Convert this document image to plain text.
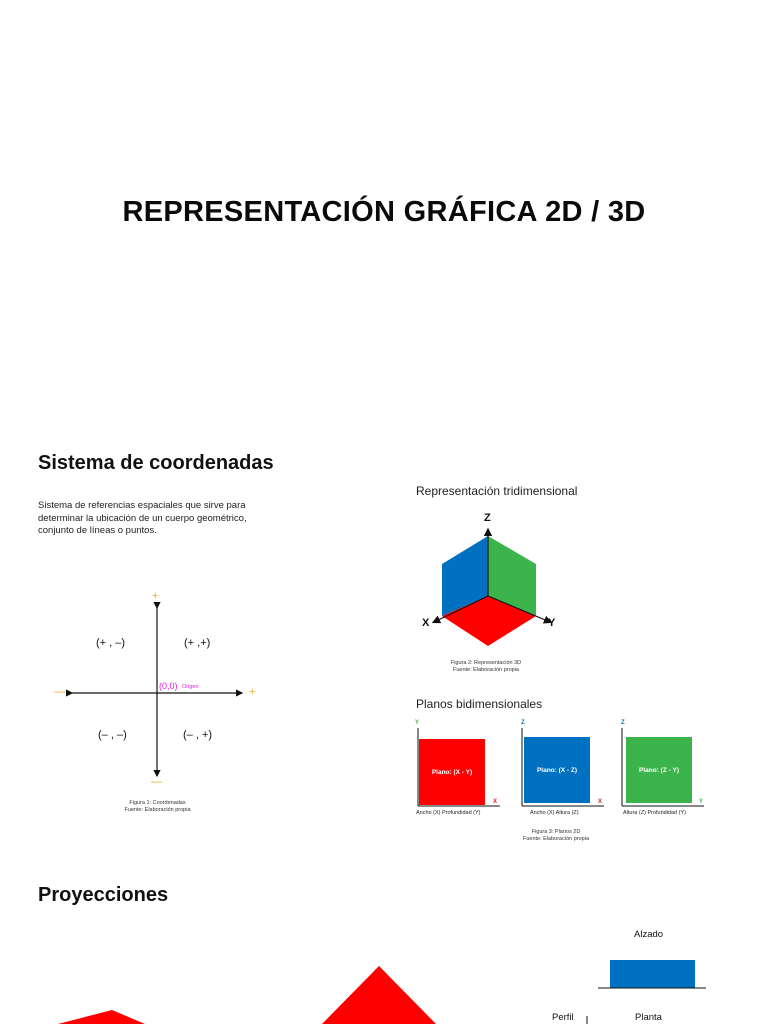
REPRESENTACIÓN GRÁFICA 2D / 3D
Sistema de coordenadas
Sistema de referencias espaciales que sirve para determinar la ubicación de un cuerpo geométrico, conjunto de líneas o puntos.
+
—
—	+
(+ , –)	(+ ,+)
(– , –)	(– , +)
(0,0) Origen
Figura 1: Coordenadas
Fuente: Elaboración propia
Representación tridimensional
Z
X	Y
Figura 2: Representación 3D
Fuente: Elaboración propia
Planos bidimensionales
Y
Plano: (X - Y)
X
Ancho (X) Profundidad (Y)
Z
Plano: (X - Z)
X
Ancho (X) Altura (Z)
Z
Plano: (Z - Y)
Y
Altura (Z) Profundidad (Y)
Figura 3: Planos 2D
Fuente: Elaboración propia
Proyecciones
Alzado
Perfil	Planta
